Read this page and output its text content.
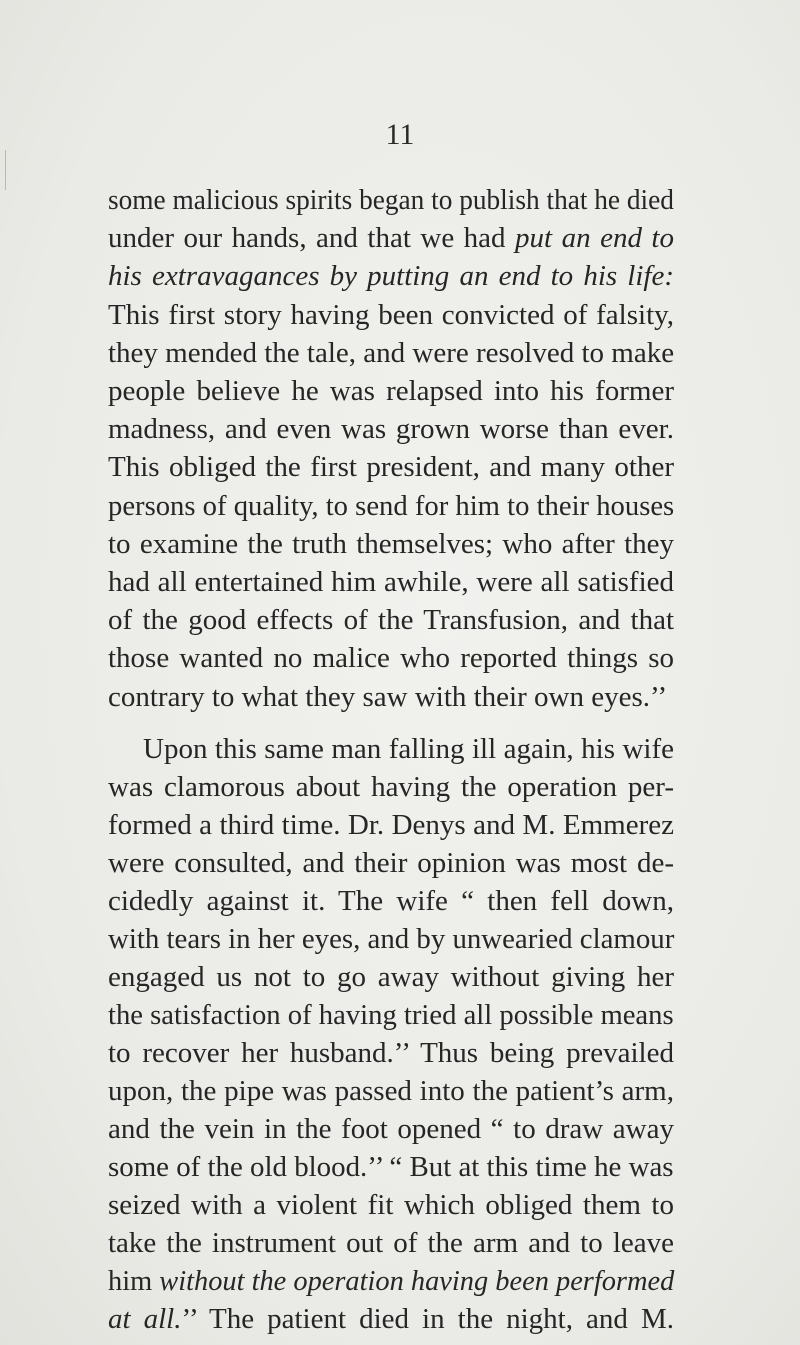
11
some malicious spirits began to publish that he died
under our hands, and that we had put an end to
his extravagances by putting an end to his life:
This first story having been convicted of falsity,
they mended the tale, and were resolved to make
people believe he was relapsed into his former
madness, and even was grown worse than ever.
This obliged the first president, and many other
persons of quality, to send for him to their houses
to examine the truth themselves; who after they
had all entertained him awhile, were all satisfied
of the good effects of the Transfusion, and that
those wanted no malice who reported things so
contrary to what they saw with their own eyes.’’
Upon this same man falling ill again, his wife
was clamorous about having the operation per-
formed a third time. Dr. Denys and M. Emmerez
were consulted, and their opinion was most de-
cidedly against it. The wife “ then fell down,
with tears in her eyes, and by unwearied clamour
engaged us not to go away without giving her
the satisfaction of having tried all possible means
to recover her husband.’’ Thus being prevailed
upon, the pipe was passed into the patient’s arm,
and the vein in the foot opened “ to draw away
some of the old blood.’’ “ But at this time he was
seized with a violent fit which obliged them to
take the instrument out of the arm and to leave
him without the operation having been performed
at all.’’ The patient died in the night, and M.
